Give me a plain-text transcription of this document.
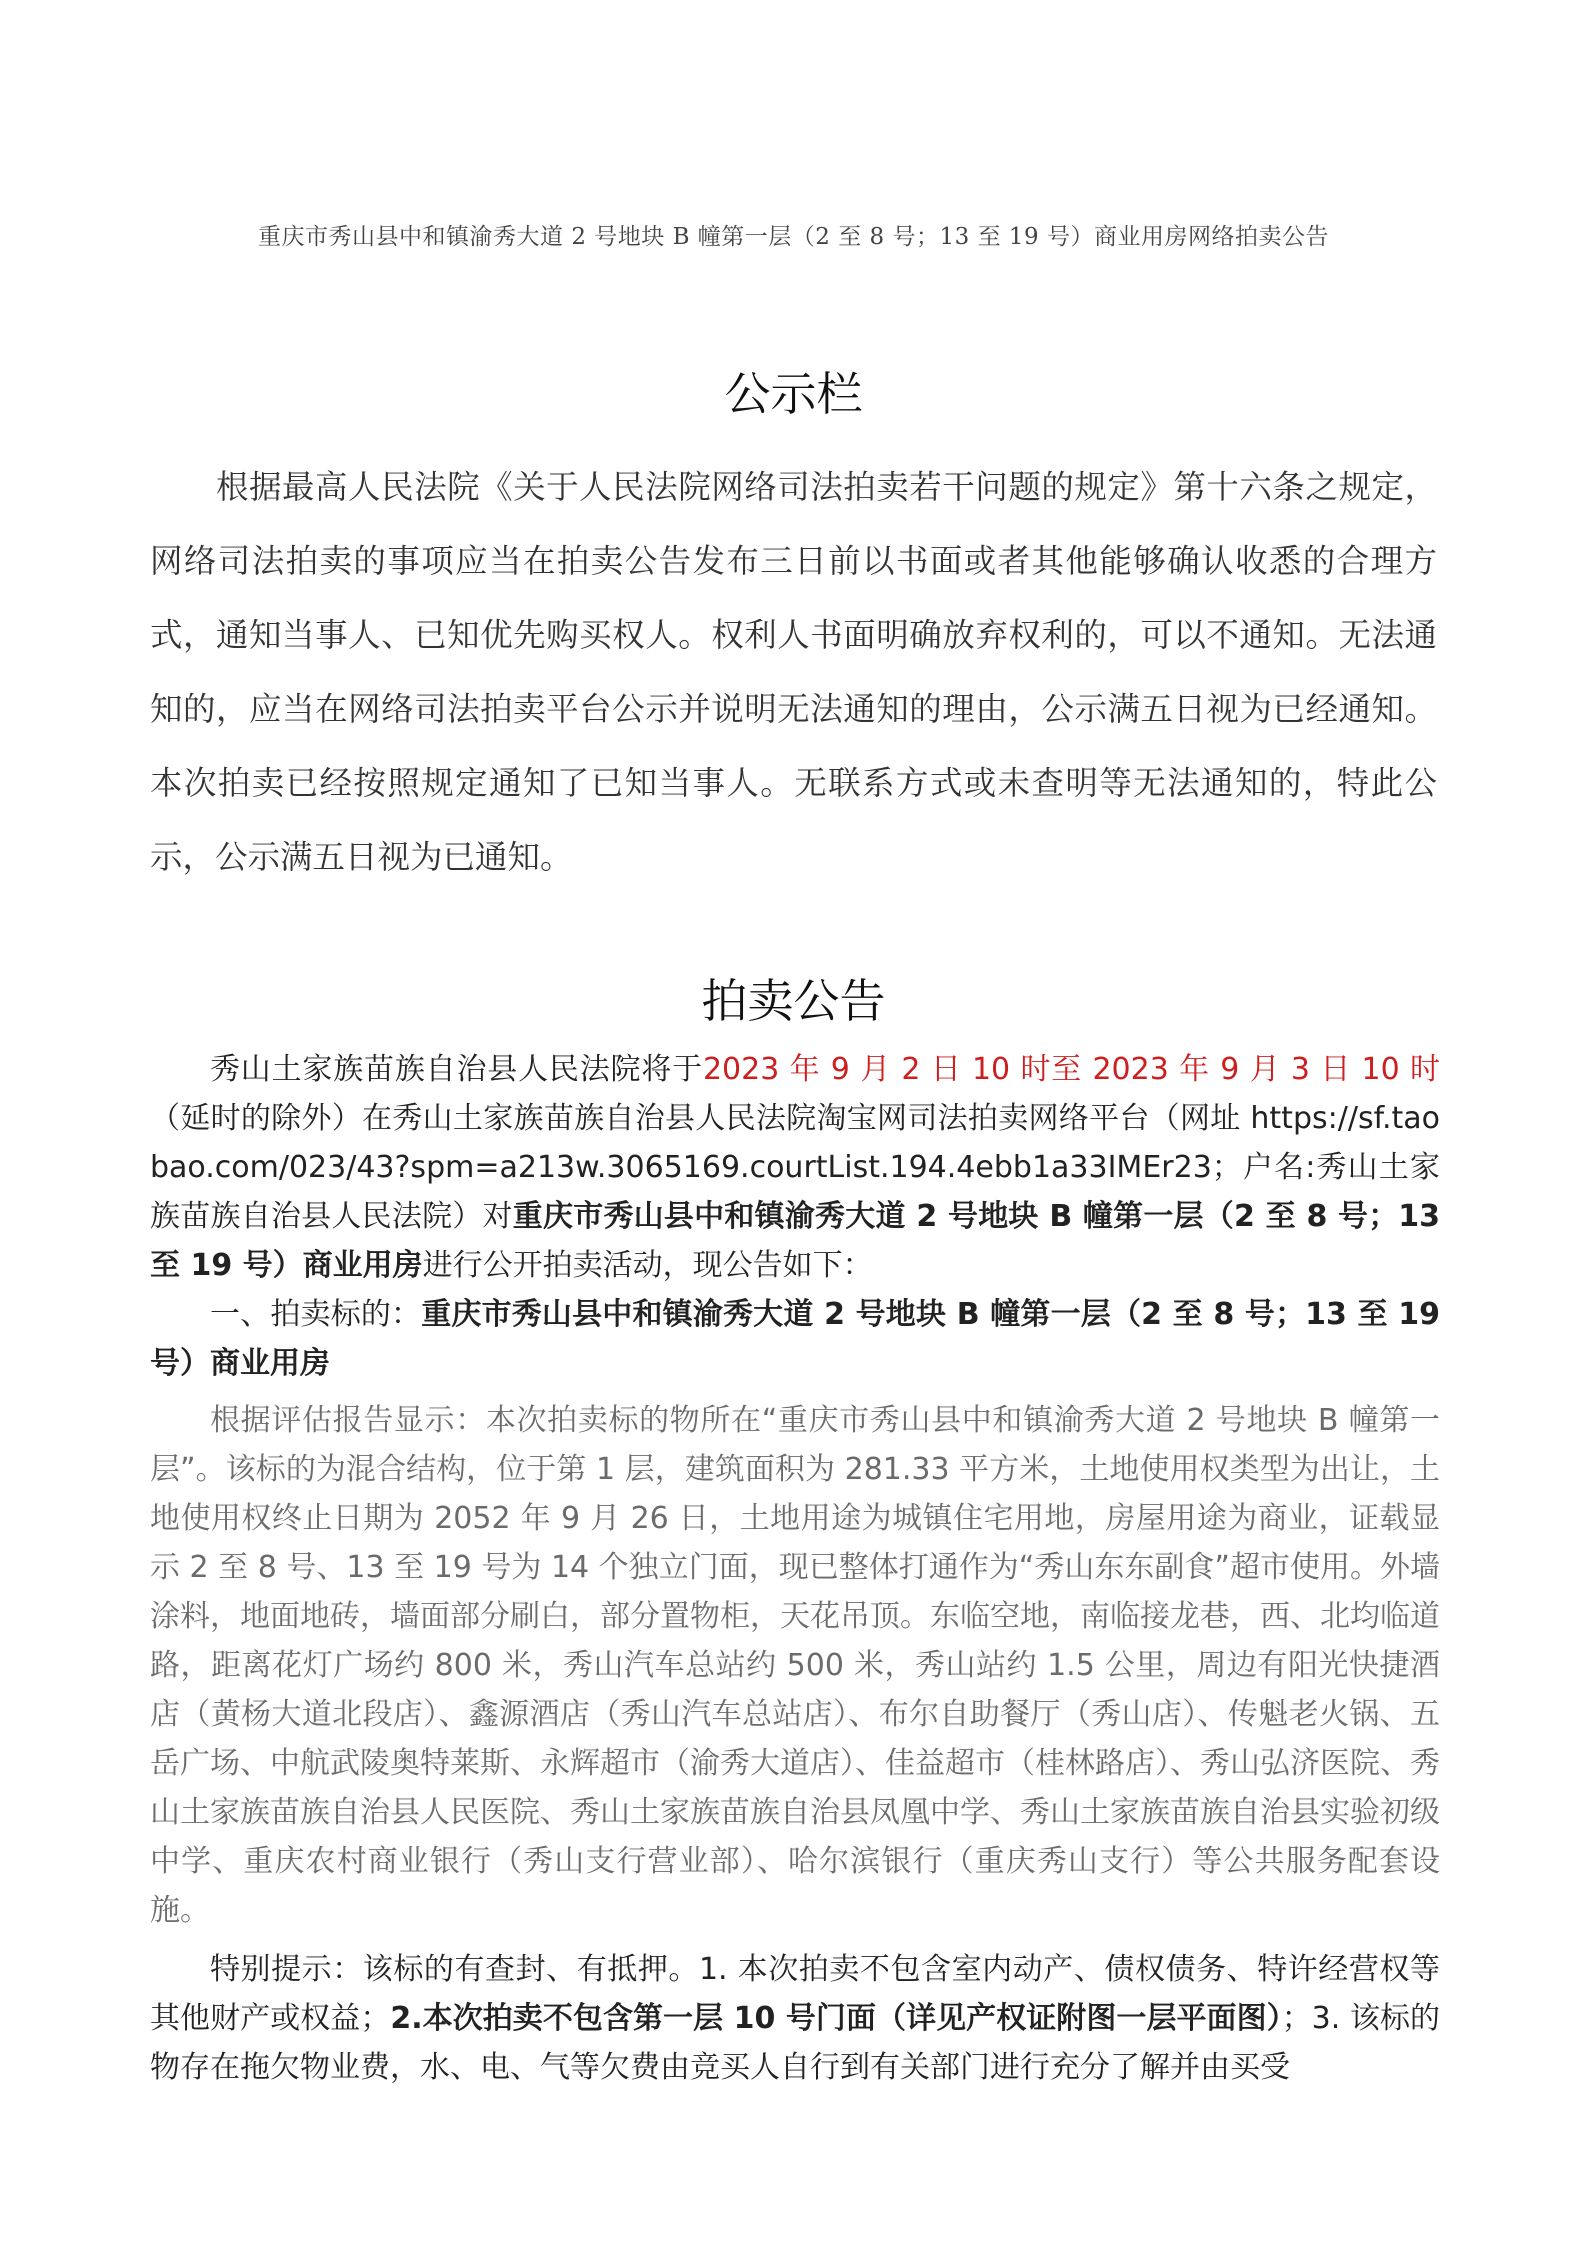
重庆市秀山县中和镇渝秀大道 2 号地块 B 幢第一层（2 至 8 号；13 至 19 号）商业用房网络拍卖公告
公示栏

根据最高人民法院《关于人民法院网络司法拍卖若干问题的规定》第十六条之规定，网络司法拍卖的事项应当在拍卖公告发布三日前以书面或者其他能够确认收悉的合理方式，通知当事人、已知优先购买权人。权利人书面明确放弃权利的，可以不通知。无法通知的，应当在网络司法拍卖平台公示并说明无法通知的理由，公示满五日视为已经通知。本次拍卖已经按照规定通知了已知当事人。无联系方式或未查明等无法通知的，特此公示，公示满五日视为已通知。

拍卖公告

秀山土家族苗族自治县人民法院将于2023 年 9 月 2 日 10 时至 2023 年 9 月 3 日 10 时（延时的除外）在秀山土家族苗族自治县人民法院淘宝网司法拍卖网络平台（网址 https://sf.taobao.com/023/43?spm=a213w.3065169.courtList.194.4ebb1a33IMEr23；户名:秀山土家族苗族自治县人民法院）对重庆市秀山县中和镇渝秀大道 2 号地块 B 幢第一层（2 至 8 号；13 至 19 号）商业用房进行公开拍卖活动，现公告如下：

一、拍卖标的：重庆市秀山县中和镇渝秀大道 2 号地块 B 幢第一层（2 至 8 号；13 至 19 号）商业用房

根据评估报告显示：本次拍卖标的物所在“重庆市秀山县中和镇渝秀大道 2 号地块 B 幢第一层”。该标的为混合结构，位于第 1 层，建筑面积为 281.33 平方米，土地使用权类型为出让，土地使用权终止日期为 2052 年 9 月 26 日，土地用途为城镇住宅用地，房屋用途为商业，证载显示 2 至 8 号、13 至 19 号为 14 个独立门面，现已整体打通作为“秀山东东副食”超市使用。外墙涂料，地面地砖，墙面部分刷白，部分置物柜，天花吊顶。东临空地，南临接龙巷，西、北均临道路，距离花灯广场约 800 米，秀山汽车总站约 500 米，秀山站约 1.5 公里，周边有阳光快捷酒店（黄杨大道北段店）、鑫源酒店（秀山汽车总站店）、布尔自助餐厅（秀山店）、传魁老火锅、五岳广场、中航武陵奥特莱斯、永辉超市（渝秀大道店）、佳益超市（桂林路店）、秀山弘济医院、秀山土家族苗族自治县人民医院、秀山土家族苗族自治县凤凰中学、秀山土家族苗族自治县实验初级中学、重庆农村商业银行（秀山支行营业部）、哈尔滨银行（重庆秀山支行）等公共服务配套设施。

特别提示：该标的有查封、有抵押。1. 本次拍卖不包含室内动产、债权债务、特许经营权等其他财产或权益；2.本次拍卖不包含第一层 10 号门面（详见产权证附图一层平面图）；3. 该标的物存在拖欠物业费，水、电、气等欠费由竞买人自行到有关部门进行充分了解并由买受
